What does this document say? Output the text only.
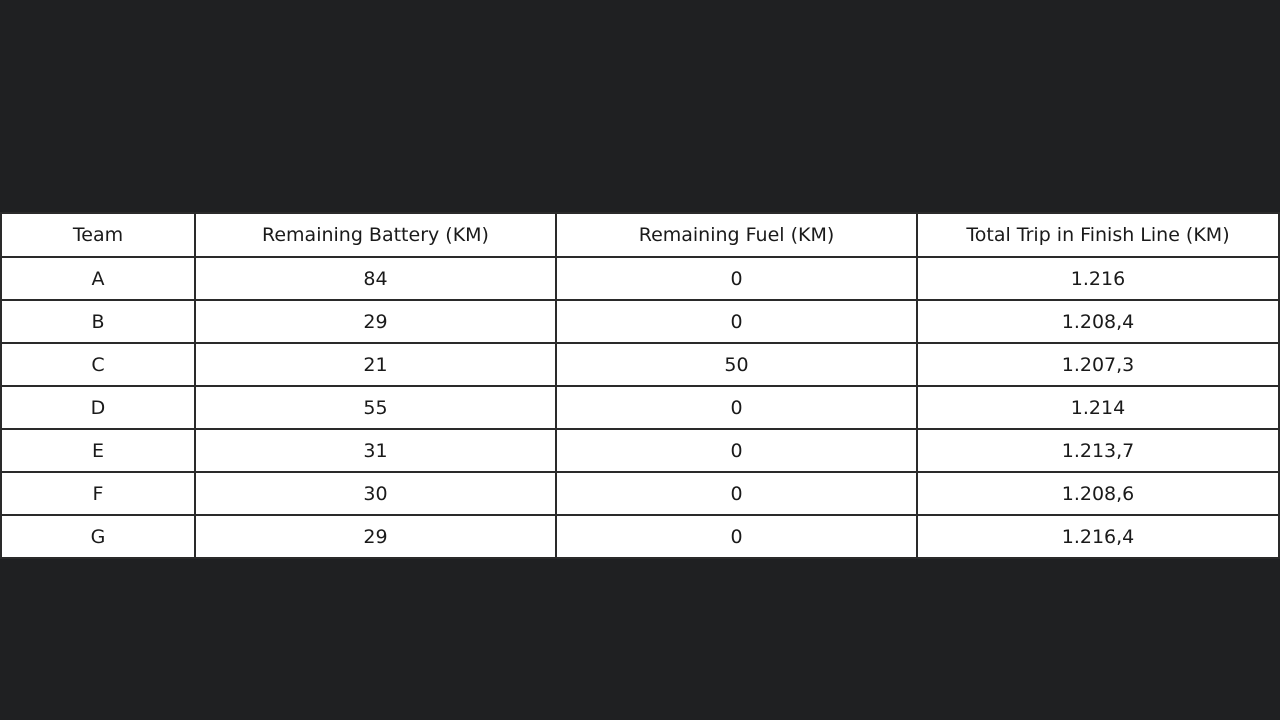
Team	Remaining Battery (KM)	Remaining Fuel (KM)	Total Trip in Finish Line (KM)
A	84	0	1.216
B	29	0	1.208,4
C	21	50	1.207,3
D	55	0	1.214
E	31	0	1.213,7
F	30	0	1.208,6
G	29	0	1.216,4
